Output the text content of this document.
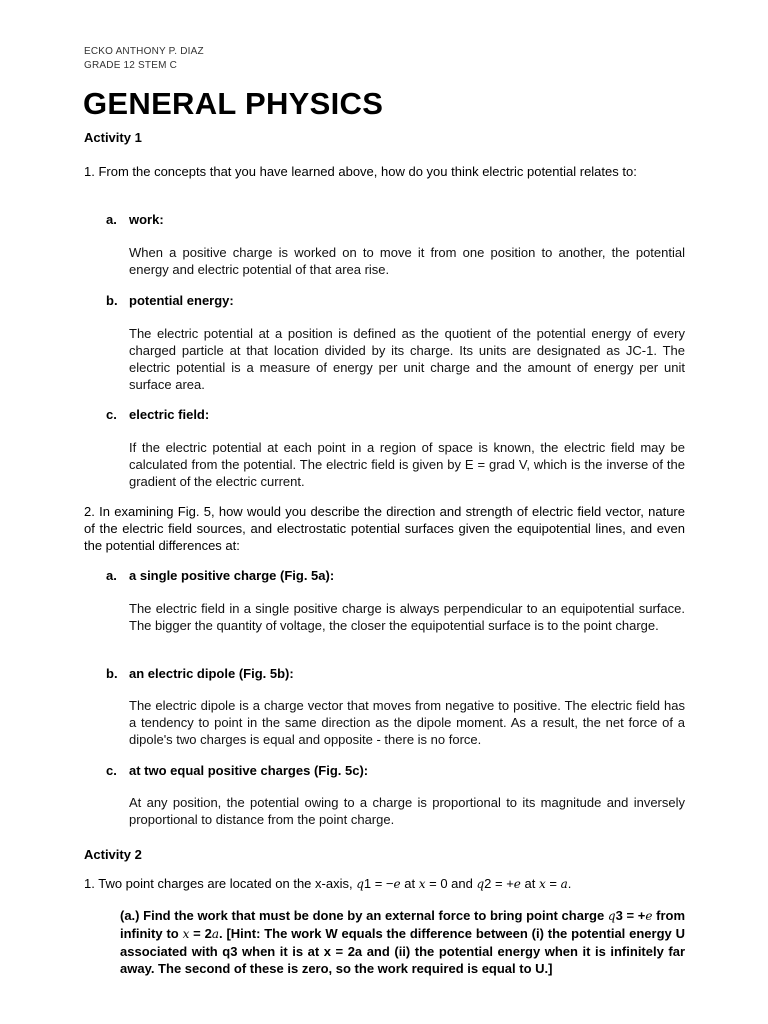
ECKO ANTHONY P. DIAZ
GRADE 12 STEM C
GENERAL PHYSICS
Activity 1

1. From the concepts that you have learned above, how do you think electric potential relates to:

a. work:

When a positive charge is worked on to move it from one position to another, the potential energy and electric potential of that area rise.

b. potential energy:

The electric potential at a position is defined as the quotient of the potential energy of every charged particle at that location divided by its charge. Its units are designated as JC-1. The electric potential is a measure of energy per unit charge and the amount of energy per unit surface area.

c. electric field:

If the electric potential at each point in a region of space is known, the electric field may be calculated from the potential. The electric field is given by E = grad V, which is the inverse of the gradient of the electric current.

2. In examining Fig. 5, how would you describe the direction and strength of electric field vector, nature of the electric field sources, and electrostatic potential surfaces given the equipotential lines, and even the potential differences at:

a. a single positive charge (Fig. 5a):

The electric field in a single positive charge is always perpendicular to an equipotential surface. The bigger the quantity of voltage, the closer the equipotential surface is to the point charge.

b. an electric dipole (Fig. 5b):

The electric dipole is a charge vector that moves from negative to positive. The electric field has a tendency to point in the same direction as the dipole moment. As a result, the net force of a dipole's two charges is equal and opposite - there is no force.

c. at two equal positive charges (Fig. 5c):

At any position, the potential owing to a charge is proportional to its magnitude and inversely proportional to distance from the point charge.

Activity 2

1. Two point charges are located on the x-axis, q1 = −e at x = 0 and q2 = +e at x = a.

(a.) Find the work that must be done by an external force to bring point charge q3 = +e from infinity to x = 2a. [Hint: The work W equals the difference between (i) the potential energy U associated with q3 when it is at x = 2a and (ii) the potential energy when it is infinitely far away. The second of these is zero, so the work required is equal to U.]
